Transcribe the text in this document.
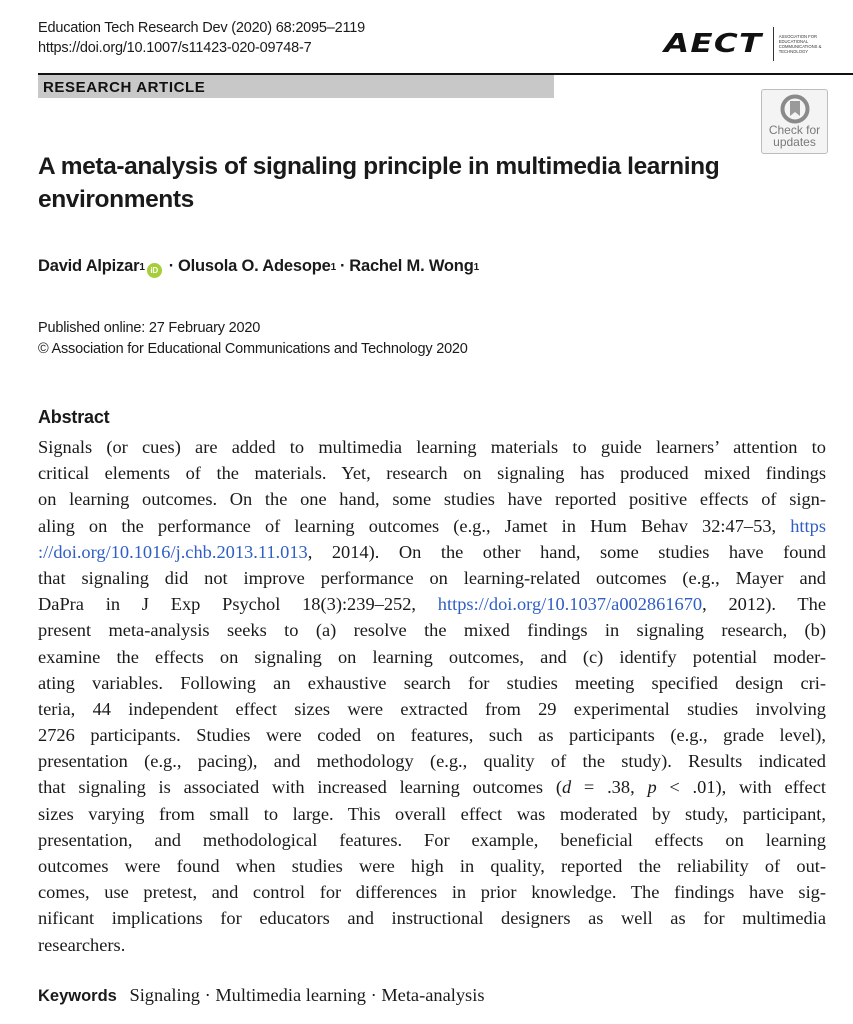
Education Tech Research Dev (2020) 68:2095–2119
https://doi.org/10.1007/s11423-020-09748-7	AECT	ASSOCIATION FOR EDUCATIONAL COMMUNICATIONS & TECHNOLOGY
RESEARCH ARTICLE
Check for updates
A meta-analysis of signaling principle in multimedia learning environments
David Alpizar$^1$ iD · Olusola O. Adesope$^1$ · Rachel M. Wong$^1$
Published online: 27 February 2020
© Association for Educational Communications and Technology 2020
Abstract
Signals (or cues) are added to multimedia learning materials to guide learners’ attention to
critical elements of the materials. Yet, research on signaling has produced mixed findings
on learning outcomes. On the one hand, some studies have reported positive effects of sign-
aling on the performance of learning outcomes (e.g., Jamet in Hum Behav 32:47–53, https
://doi.org/10.1016/j.chb.2013.11.013, 2014). On the other hand, some studies have found
that signaling did not improve performance on learning-related outcomes (e.g., Mayer and
DaPra in J Exp Psychol 18(3):239–252, https://doi.org/10.1037/a002861670, 2012). The
present meta-analysis seeks to (a) resolve the mixed findings in signaling research, (b)
examine the effects on signaling on learning outcomes, and (c) identify potential moder-
ating variables. Following an exhaustive search for studies meeting specified design cri-
teria, 44 independent effect sizes were extracted from 29 experimental studies involving
2726 participants. Studies were coded on features, such as participants (e.g., grade level),
presentation (e.g., pacing), and methodology (e.g., quality of the study). Results indicated
that signaling is associated with increased learning outcomes (d = .38, p < .01), with effect
sizes varying from small to large. This overall effect was moderated by study, participant,
presentation, and methodological features. For example, beneficial effects on learning
outcomes were found when studies were high in quality, reported the reliability of out-
comes, use pretest, and control for differences in prior knowledge. The findings have sig-
nificant implications for educators and instructional designers as well as for multimedia
researchers.
Keywords Signaling · Multimedia learning · Meta-analysis
